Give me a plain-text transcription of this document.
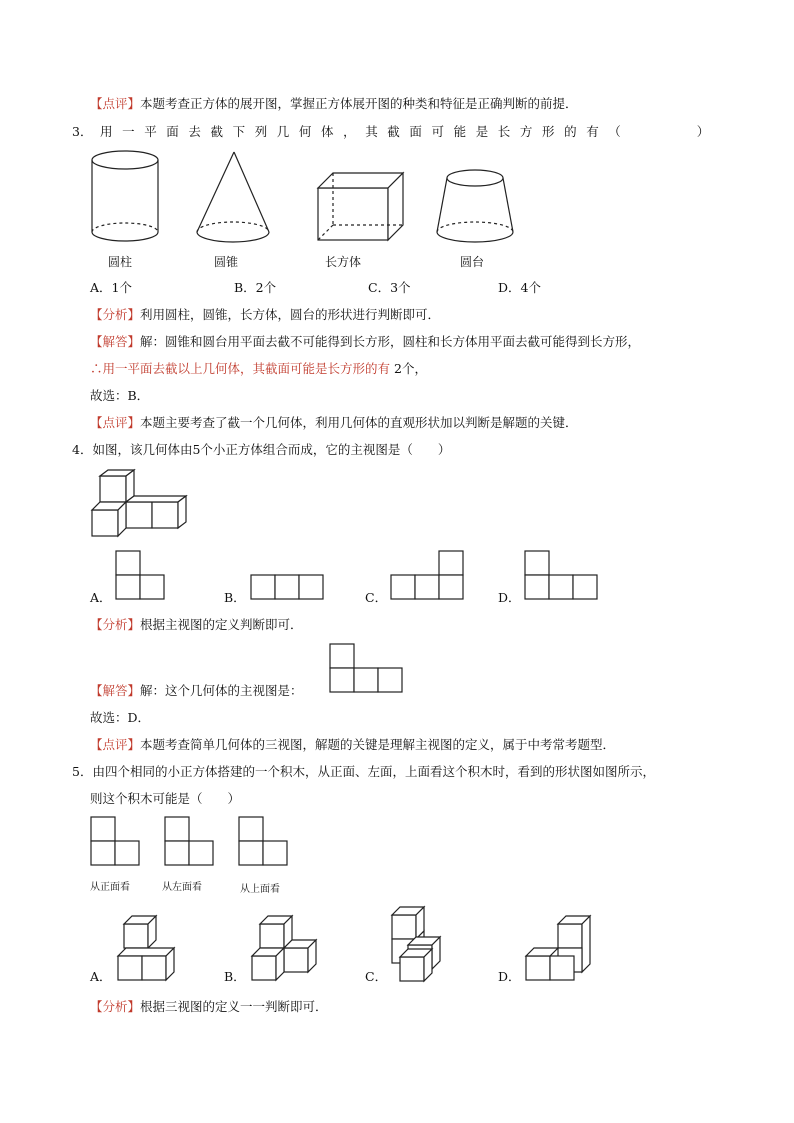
【点评】本题考查正方体的展开图，掌握正方体展开图的种类和特征是正确判断的前提．
3． 用一平面去截下列几何体，其截面可能是长方形的有（　　　）
圆柱	圆锥	长方体	圆台
A．1个	B．2个	C．3个	D．4个
【分析】利用圆柱，圆锥，长方体，圆台的形状进行判断即可．
【解答】解：圆锥和圆台用平面去截不可能得到长方形，圆柱和长方体用平面去截可能得到长方形，
∴用一平面去截以上几何体，其截面可能是长方形的有 2个，
故选：B．
【点评】本题主要考查了截一个几何体，利用几何体的直观形状加以判断是解题的关键．
4．如图，该几何体由5个小正方体组合而成，它的主视图是（　　）
A．	B．	C．	D．
【分析】根据主视图的定义判断即可．
【解答】解：这个几何体的主视图是：
故选：D．
【点评】本题考查简单几何体的三视图，解题的关键是理解主视图的定义，属于中考常考题型．
5．由四个相同的小正方体搭建的一个积木，从正面、左面，上面看这个积木时，看到的形状图如图所示，
则这个积木可能是（　　）
从正面看	从左面看	从上面看
A．	B．	C．	D．
【分析】根据三视图的定义一一判断即可．
